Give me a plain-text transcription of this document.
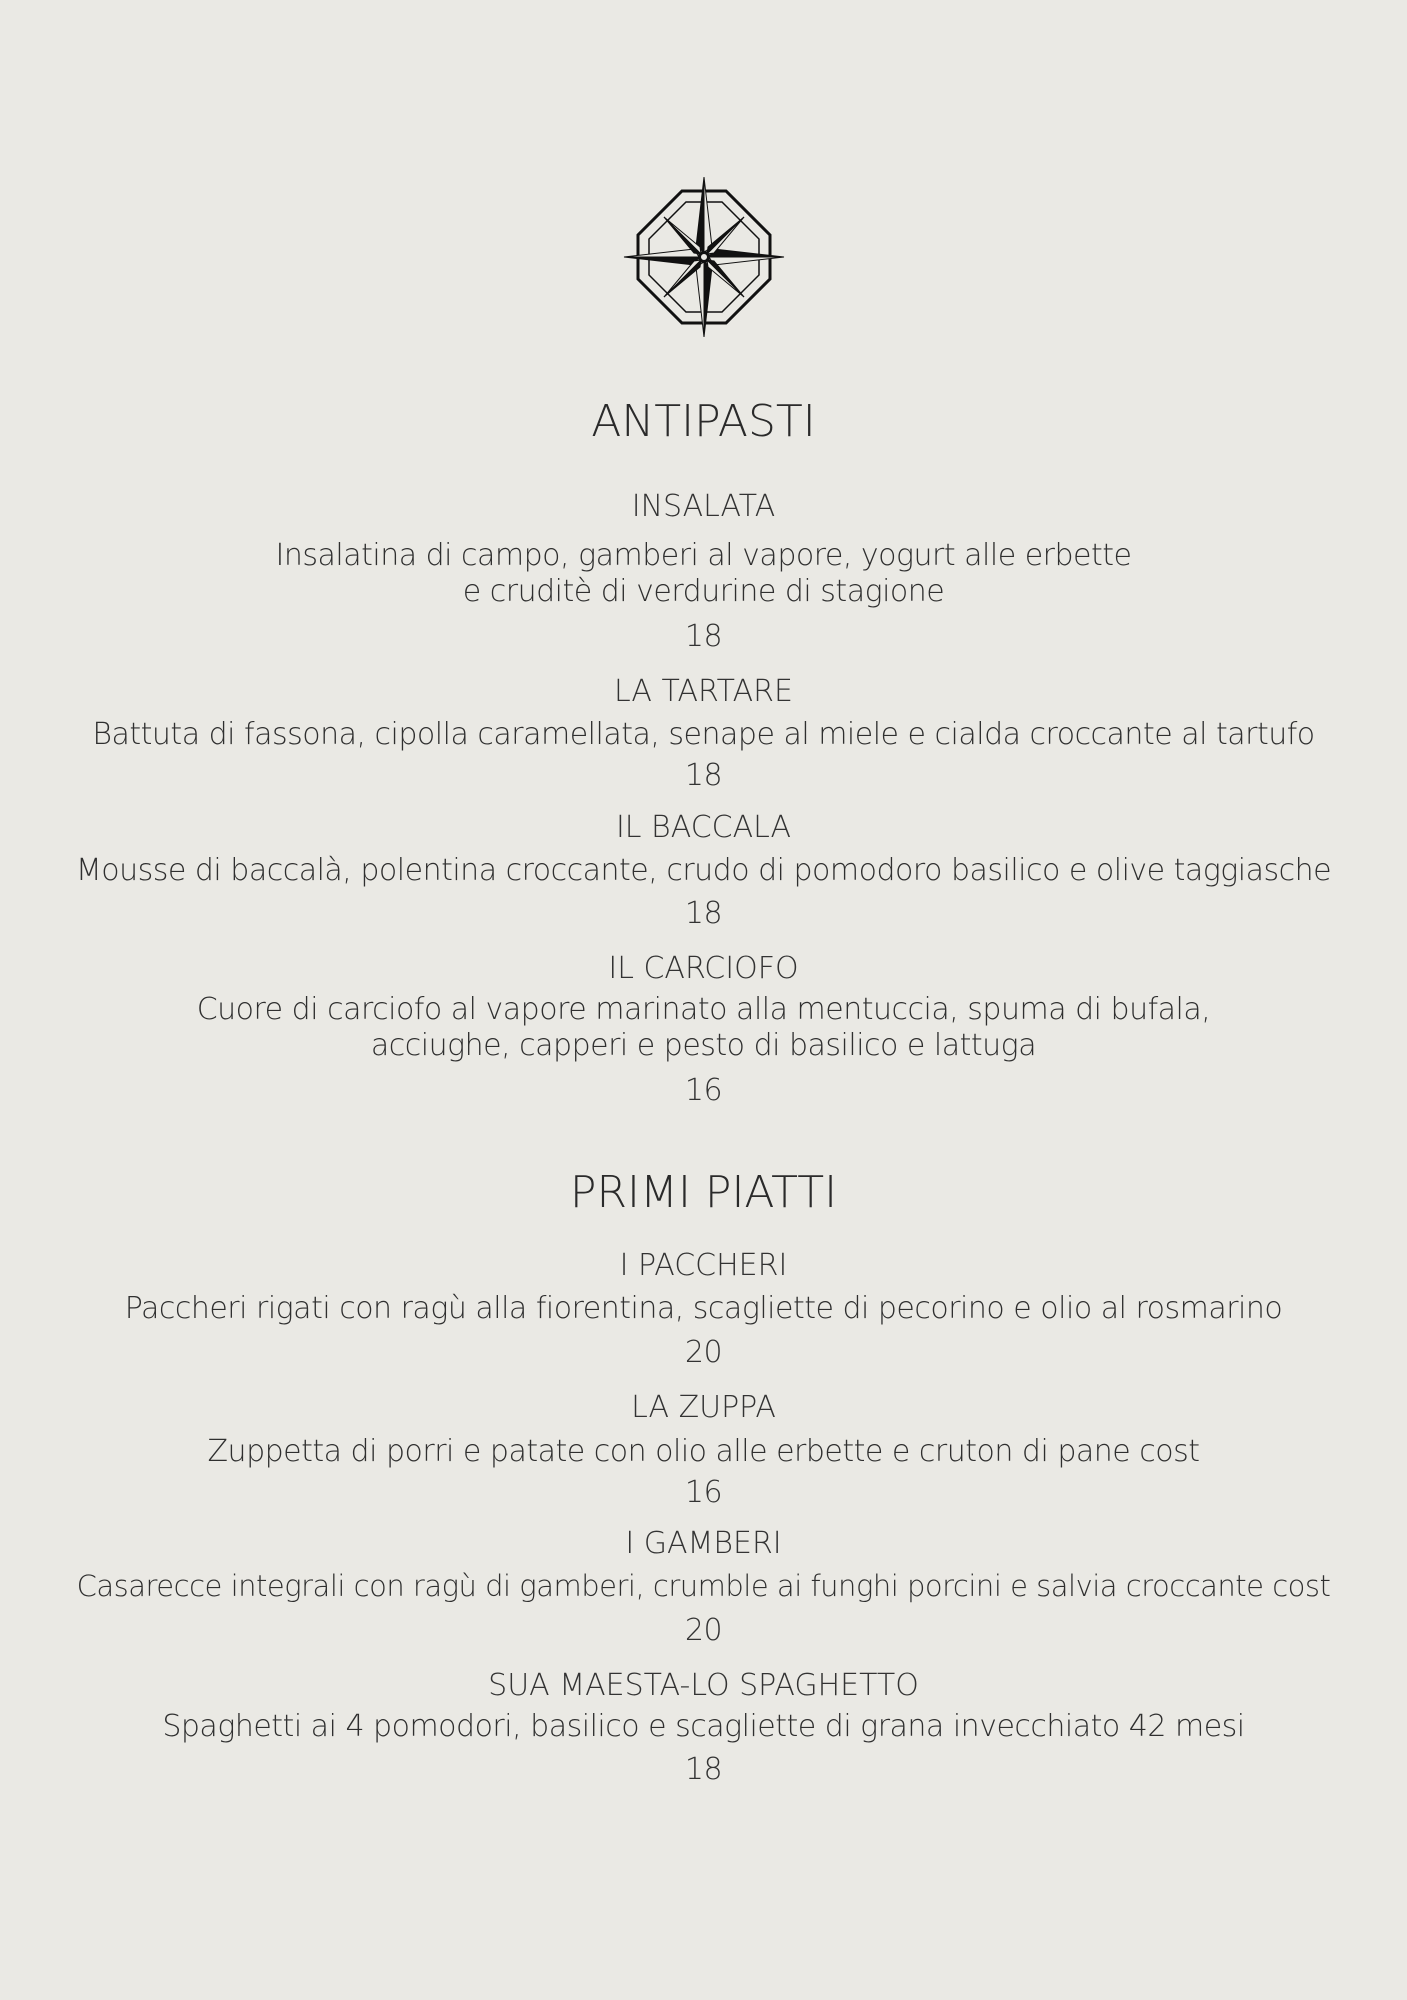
ANTIPASTI
INSALATA
Insalatina di campo, gamberi al vapore, yogurt alle erbette
e cruditè di verdurine di stagione
18
LA TARTARE
Battuta di fassona, cipolla caramellata, senape al miele e cialda croccante al tartufo
18
IL BACCALA
Mousse di baccalà, polentina croccante, crudo di pomodoro basilico e olive taggiasche
18
IL CARCIOFO
Cuore di carciofo al vapore marinato alla mentuccia, spuma di bufala,
acciughe, capperi e pesto di basilico e lattuga
16
PRIMI PIATTI
I PACCHERI
Paccheri rigati con ragù alla fiorentina, scagliette di pecorino e olio al rosmarino
20
LA ZUPPA
Zuppetta di porri e patate con olio alle erbette e cruton di pane cost
16
I GAMBERI
Casarecce integrali con ragù di gamberi, crumble ai funghi porcini e salvia croccante cost
20
SUA MAESTA-LO SPAGHETTO
Spaghetti ai 4 pomodori, basilico e scagliette di grana invecchiato 42 mesi
18
